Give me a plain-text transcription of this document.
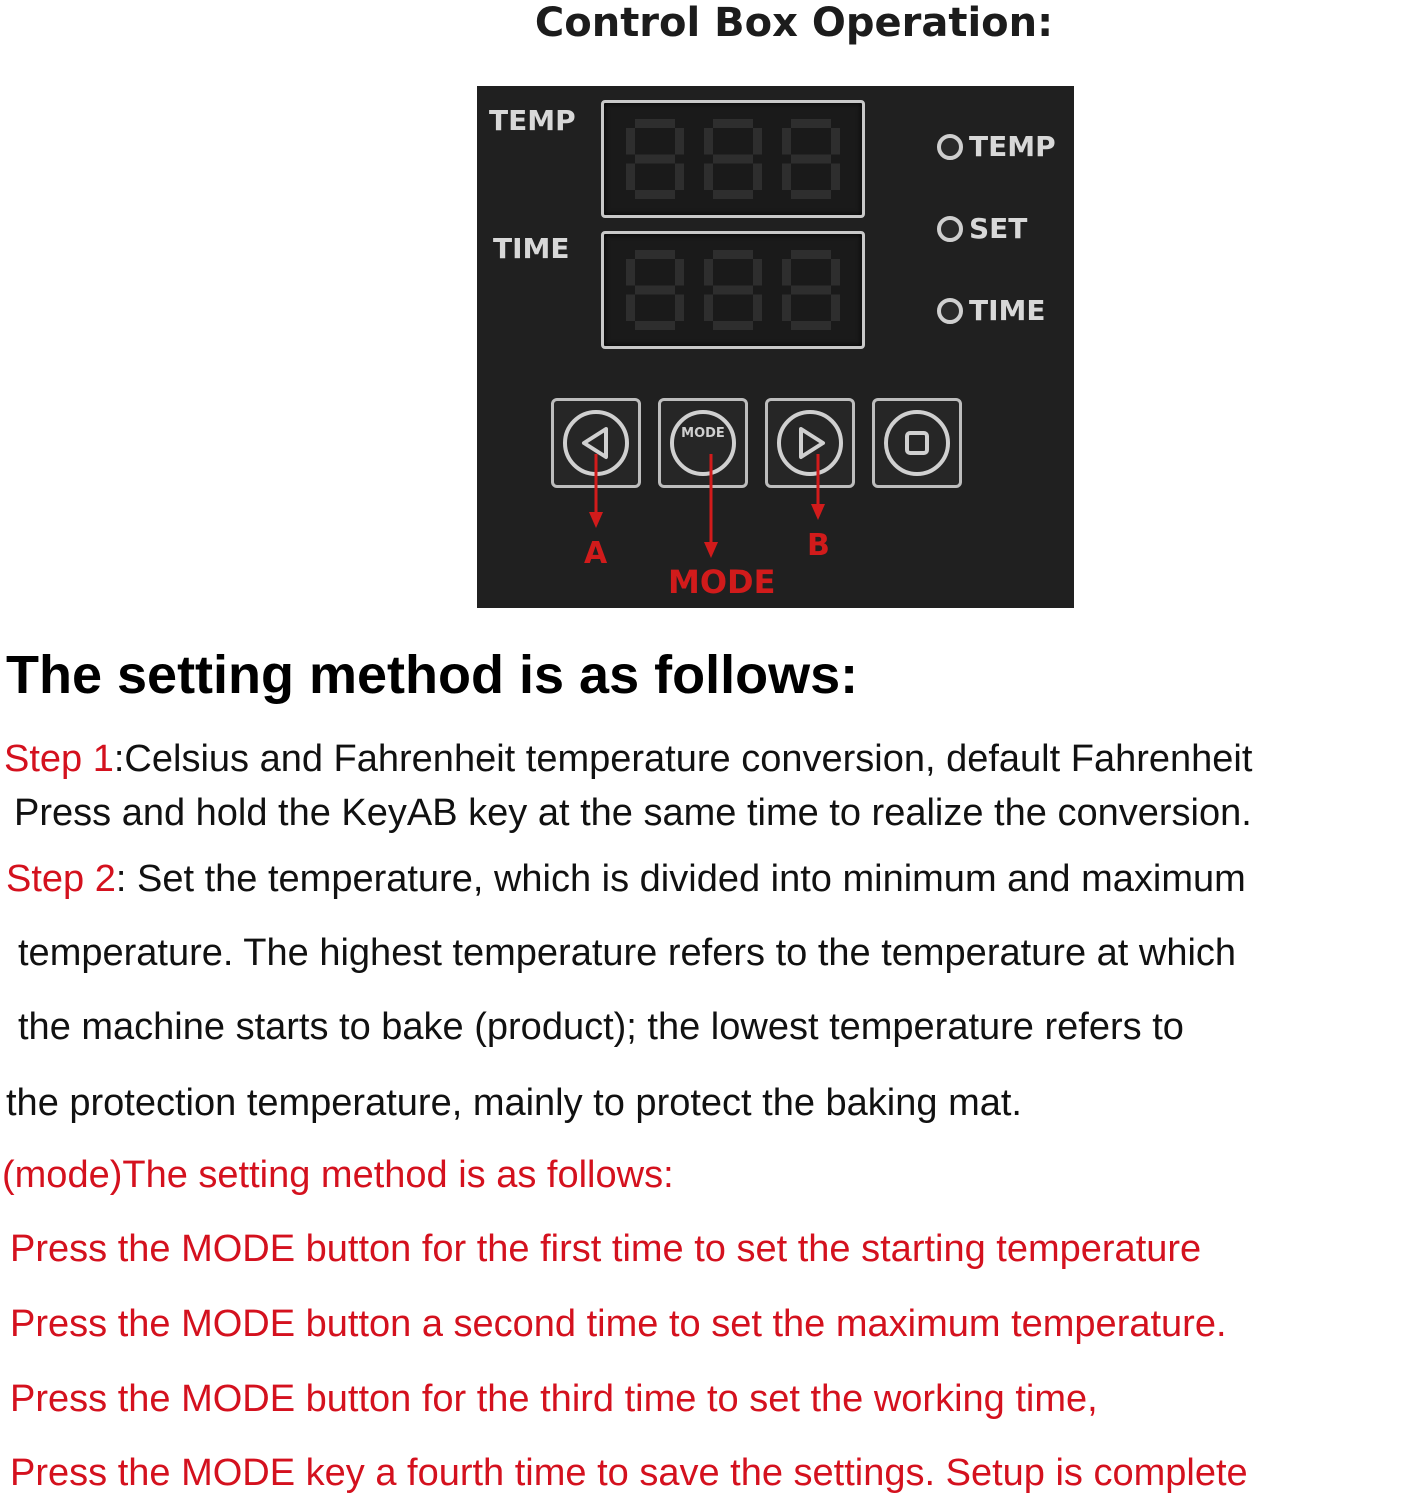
Control Box Operation:
TEMP
TIME
TEMP
SET
TIME
MODE
A
MODE
B
The setting method is as follows:
Step 1:Celsius and Fahrenheit temperature conversion, default Fahrenheit
Press and hold the KeyAB key at the same time to realize the conversion.
Step 2: Set the temperature, which is divided into minimum and maximum
temperature. The highest temperature refers to the temperature at which
the machine starts to bake (product); the lowest temperature refers to
the protection temperature, mainly to protect the baking mat.
(mode)The setting method is as follows:
Press the MODE button for the first time to set the starting temperature
Press the MODE button a second time to set the maximum temperature.
Press the MODE button for the third time to set the working time,
Press the MODE key a fourth time to save the settings. Setup is complete
